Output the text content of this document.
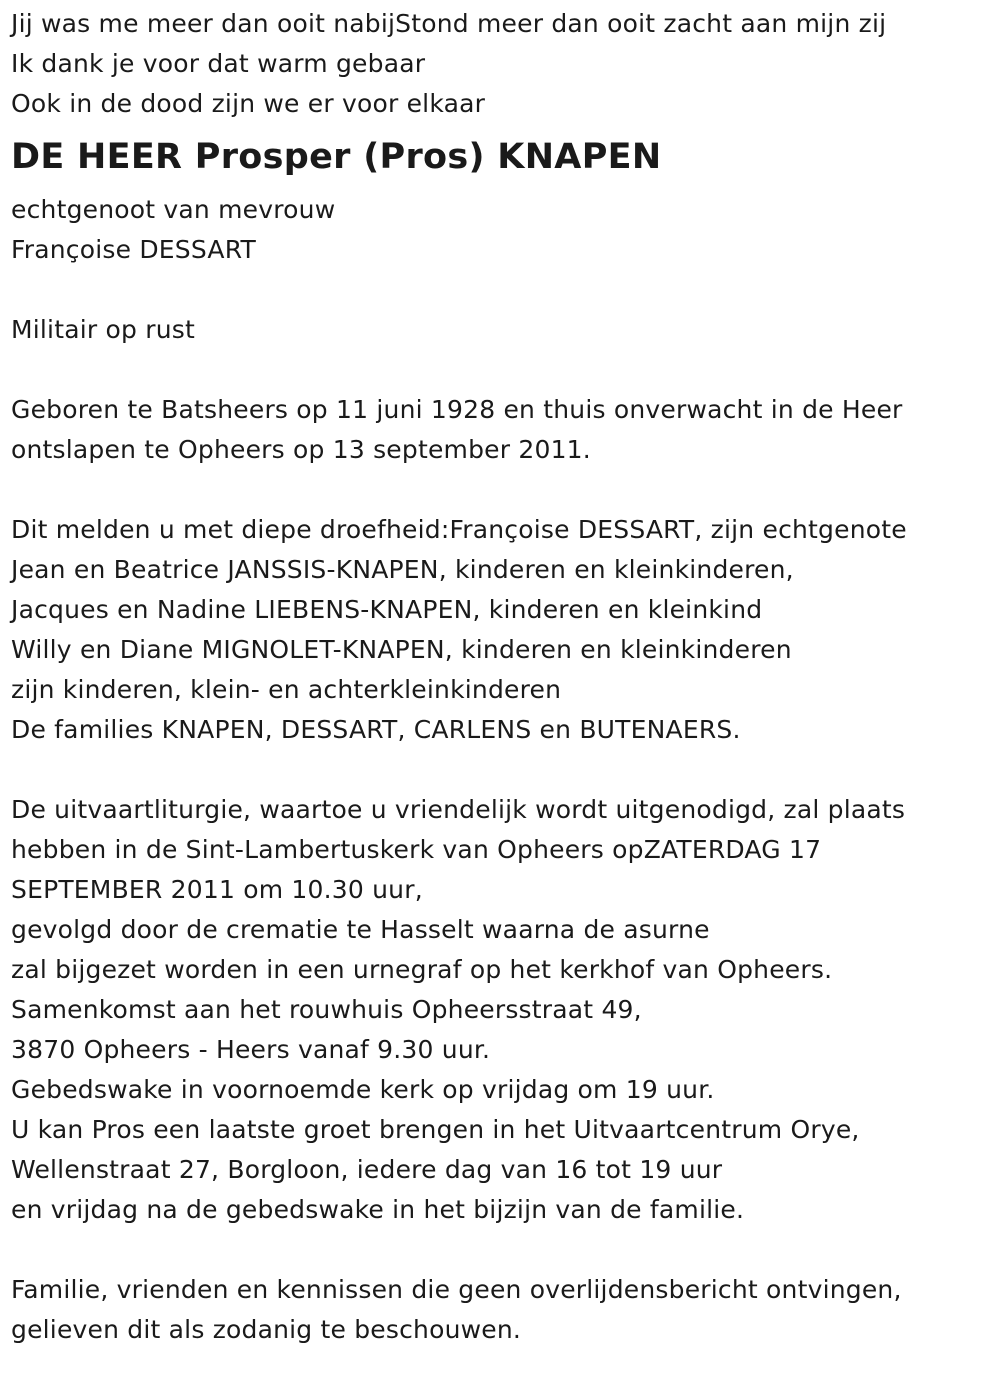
Jij was me meer dan ooit nabijStond meer dan ooit zacht aan mijn zij
Ik dank je voor dat warm gebaar
Ook in de dood zijn we er voor elkaar
DE HEER Prosper (Pros) KNAPEN
echtgenoot van mevrouw
Françoise DESSART
Militair op rust
Geboren te Batsheers op 11 juni 1928 en thuis onverwacht in de Heer
ontslapen te Opheers op 13 september 2011.
Dit melden u met diepe droefheid:Françoise DESSART, zijn echtgenote
Jean en Beatrice JANSSIS-KNAPEN, kinderen en kleinkinderen,
Jacques en Nadine LIEBENS-KNAPEN, kinderen en kleinkind
Willy en Diane MIGNOLET-KNAPEN, kinderen en kleinkinderen
zijn kinderen, klein- en achterkleinkinderen
De families KNAPEN, DESSART, CARLENS en BUTENAERS.
De uitvaartliturgie, waartoe u vriendelijk wordt uitgenodigd, zal plaats
hebben in de Sint-Lambertuskerk van Opheers opZATERDAG 17
SEPTEMBER 2011 om 10.30 uur,
gevolgd door de crematie te Hasselt waarna de asurne
zal bijgezet worden in een urnegraf op het kerkhof van Opheers.
Samenkomst aan het rouwhuis Opheersstraat 49,
3870 Opheers - Heers vanaf 9.30 uur.
Gebedswake in voornoemde kerk op vrijdag om 19 uur.
U kan Pros een laatste groet brengen in het Uitvaartcentrum Orye,
Wellenstraat 27, Borgloon, iedere dag van 16 tot 19 uur
en vrijdag na de gebedswake in het bijzijn van de familie.
Familie, vrienden en kennissen die geen overlijdensbericht ontvingen,
gelieven dit als zodanig te beschouwen.
